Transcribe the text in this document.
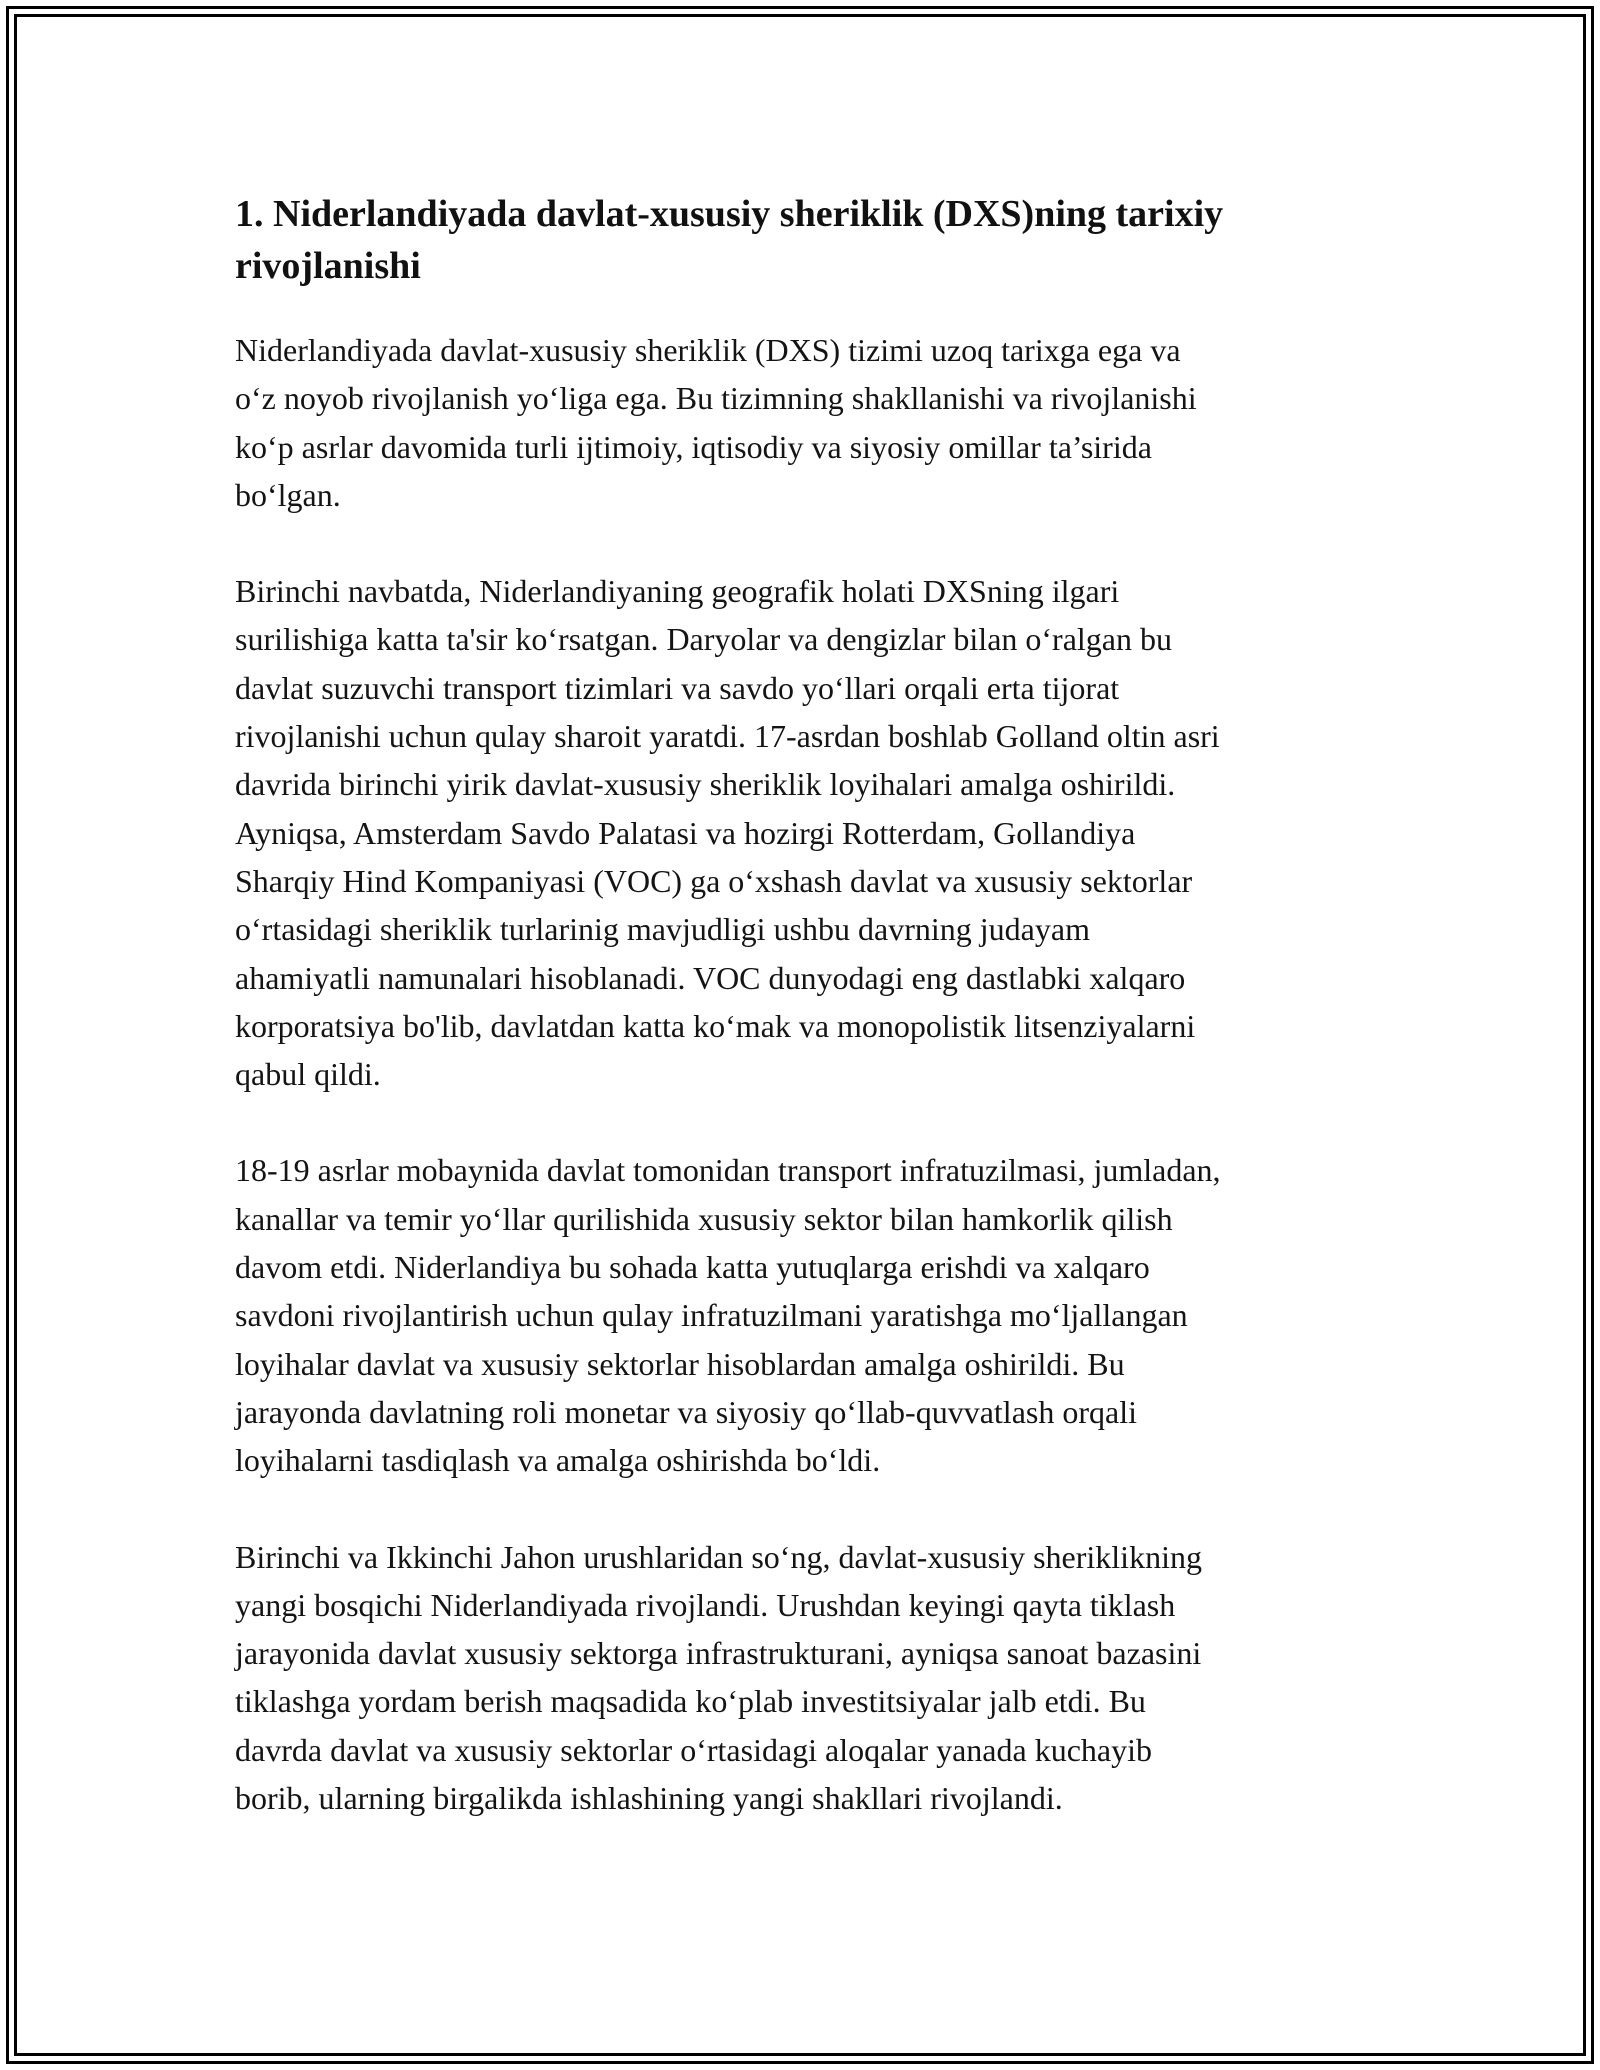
1. Niderlandiyada davlat-xususiy sheriklik (DXS)ning tarixiy
rivojlanishi

Niderlandiyada davlat-xususiy sheriklik (DXS) tizimi uzoq tarixga ega va
o‘z noyob rivojlanish yo‘liga ega. Bu tizimning shakllanishi va rivojlanishi
ko‘p asrlar davomida turli ijtimoiy, iqtisodiy va siyosiy omillar ta’sirida
bo‘lgan.

Birinchi navbatda, Niderlandiyaning geografik holati DXSning ilgari
surilishiga katta ta'sir ko‘rsatgan. Daryolar va dengizlar bilan o‘ralgan bu
davlat suzuvchi transport tizimlari va savdo yo‘llari orqali erta tijorat
rivojlanishi uchun qulay sharoit yaratdi. 17-asrdan boshlab Golland oltin asri
davrida birinchi yirik davlat-xususiy sheriklik loyihalari amalga oshirildi.
Ayniqsa, Amsterdam Savdo Palatasi va hozirgi Rotterdam, Gollandiya
Sharqiy Hind Kompaniyasi (VOC) ga o‘xshash davlat va xususiy sektorlar
o‘rtasidagi sheriklik turlarinig mavjudligi ushbu davrning judayam
ahamiyatli namunalari hisoblanadi. VOC dunyodagi eng dastlabki xalqaro
korporatsiya bo'lib, davlatdan katta ko‘mak va monopolistik litsenziyalarni
qabul qildi.

18-19 asrlar mobaynida davlat tomonidan transport infratuzilmasi, jumladan,
kanallar va temir yo‘llar qurilishida xususiy sektor bilan hamkorlik qilish
davom etdi. Niderlandiya bu sohada katta yutuqlarga erishdi va xalqaro
savdoni rivojlantirish uchun qulay infratuzilmani yaratishga mo‘ljallangan
loyihalar davlat va xususiy sektorlar hisoblardan amalga oshirildi. Bu
jarayonda davlatning roli monetar va siyosiy qo‘llab-quvvatlash orqali
loyihalarni tasdiqlash va amalga oshirishda bo‘ldi.

Birinchi va Ikkinchi Jahon urushlaridan so‘ng, davlat-xususiy sheriklikning
yangi bosqichi Niderlandiyada rivojlandi. Urushdan keyingi qayta tiklash
jarayonida davlat xususiy sektorga infrastrukturani, ayniqsa sanoat bazasini
tiklashga yordam berish maqsadida ko‘plab investitsiyalar jalb etdi. Bu
davrda davlat va xususiy sektorlar o‘rtasidagi aloqalar yanada kuchayib
borib, ularning birgalikda ishlashining yangi shakllari rivojlandi.
